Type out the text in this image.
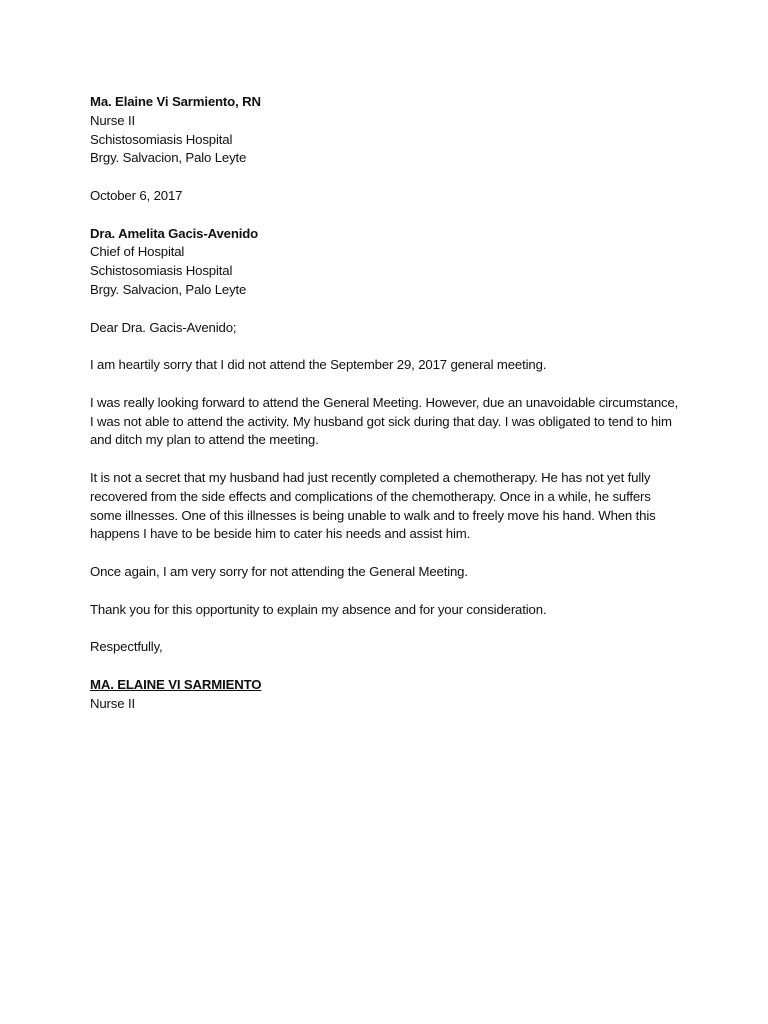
Ma. Elaine Vi Sarmiento, RN
Nurse II
Schistosomiasis Hospital
Brgy. Salvacion, Palo Leyte
October 6, 2017
Dra. Amelita Gacis-Avenido
Chief of Hospital
Schistosomiasis Hospital
Brgy. Salvacion, Palo Leyte
Dear Dra. Gacis-Avenido;
I am heartily sorry that I did not attend the September 29, 2017 general meeting.
I was really looking forward to attend the General Meeting. However, due an unavoidable circumstance,
I was not able to attend the activity. My husband got sick during that day. I was obligated to tend to him
and ditch my plan to attend the meeting.
It is not a secret that my husband had just recently completed a chemotherapy. He has not yet fully
recovered from the side effects and complications of the chemotherapy. Once in a while, he suffers
some illnesses. One of this illnesses is being unable to walk and to freely move his hand. When this
happens I have to be beside him to cater his needs and assist him.
Once again, I am very sorry for not attending the General Meeting.
Thank you for this opportunity to explain my absence and for your consideration.
Respectfully,
MA. ELAINE VI SARMIENTO
Nurse II
